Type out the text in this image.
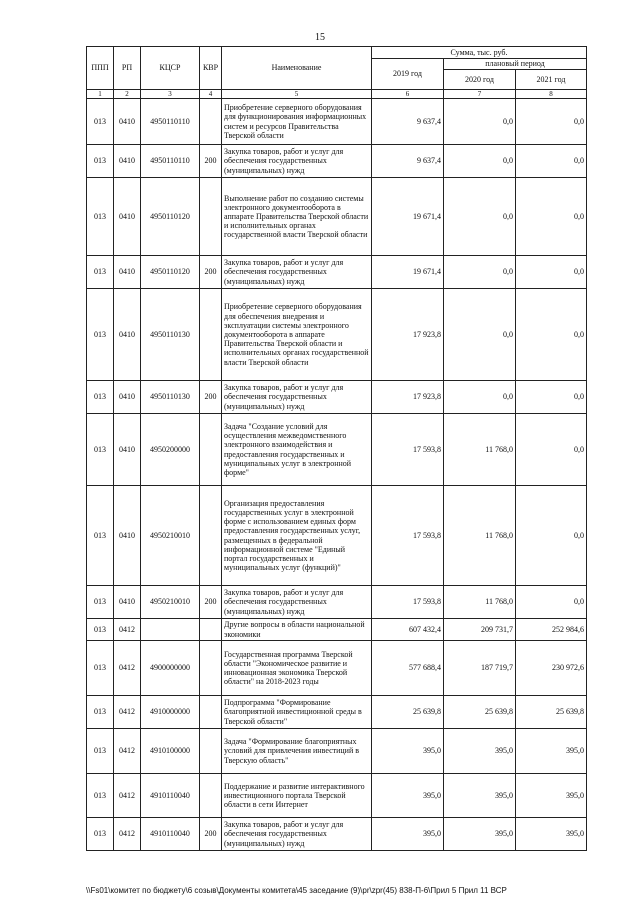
15
ППП	РП	КЦСР	КВР	Наименование	Сумма, тыс. руб.		
					2019 год	плановый период	
						2020 год	2021 год
1	2	3	4	5	6	7	8
013	0410	4950110110		Приобретение серверного оборудования для функционирования информационных систем и ресурсов Правительства Тверской области	9 637,4	0,0	0,0
013	0410	4950110110	200	Закупка товаров, работ и услуг для обеспечения государственных (муниципальных) нужд	9 637,4	0,0	0,0
013	0410	4950110120		Выполнение работ по созданию системы электронного документооборота в аппарате Правительства Тверской области и исполнительных органах государственной власти Тверской области	19 671,4	0,0	0,0
013	0410	4950110120	200	Закупка товаров, работ и услуг для обеспечения государственных (муниципальных) нужд	19 671,4	0,0	0,0
013	0410	4950110130		Приобретение серверного оборудования для обеспечения внедрения и эксплуатации системы электронного документооборота в аппарате Правительства Тверской области и исполнительных органах государственной власти Тверской области	17 923,8	0,0	0,0
013	0410	4950110130	200	Закупка товаров, работ и услуг для обеспечения государственных (муниципальных) нужд	17 923,8	0,0	0,0
013	0410	4950200000		Задача "Создание условий для осуществления межведомственного электронного взаимодействия и предоставления государственных и муниципальных услуг в электронной форме"	17 593,8	11 768,0	0,0
013	0410	4950210010		Организация предоставления государственных услуг в электронной форме с использованием единых форм предоставления государственных услуг, размещенных в федеральной информационной системе "Единый портал государственных и муниципальных услуг (функций)"	17 593,8	11 768,0	0,0
013	0410	4950210010	200	Закупка товаров, работ и услуг для обеспечения государственных (муниципальных) нужд	17 593,8	11 768,0	0,0
013	0412			Другие вопросы в области национальной экономики	607 432,4	209 731,7	252 984,6
013	0412	4900000000		Государственная программа Тверской области "Экономическое развитие и инновационная экономика Тверской области" на 2018-2023 годы	577 688,4	187 719,7	230 972,6
013	0412	4910000000		Подпрограмма "Формирование благоприятной инвестиционной среды в Тверской области"	25 639,8	25 639,8	25 639,8
013	0412	4910100000		Задача "Формирование благоприятных условий для привлечения инвестиций в Тверскую область"	395,0	395,0	395,0
013	0412	4910110040		Поддержание и развитие интерактивного инвестиционного портала Тверской области в сети Интернет	395,0	395,0	395,0
013	0412	4910110040	200	Закупка товаров, работ и услуг для обеспечения государственных (муниципальных) нужд	395,0	395,0	395,0
\\Fs01\комитет по бюджету\6 созыв\Документы комитета\45 заседание (9)\pr\zpr(45) 838-П-6\Прил 5 Прил 11 ВСР
